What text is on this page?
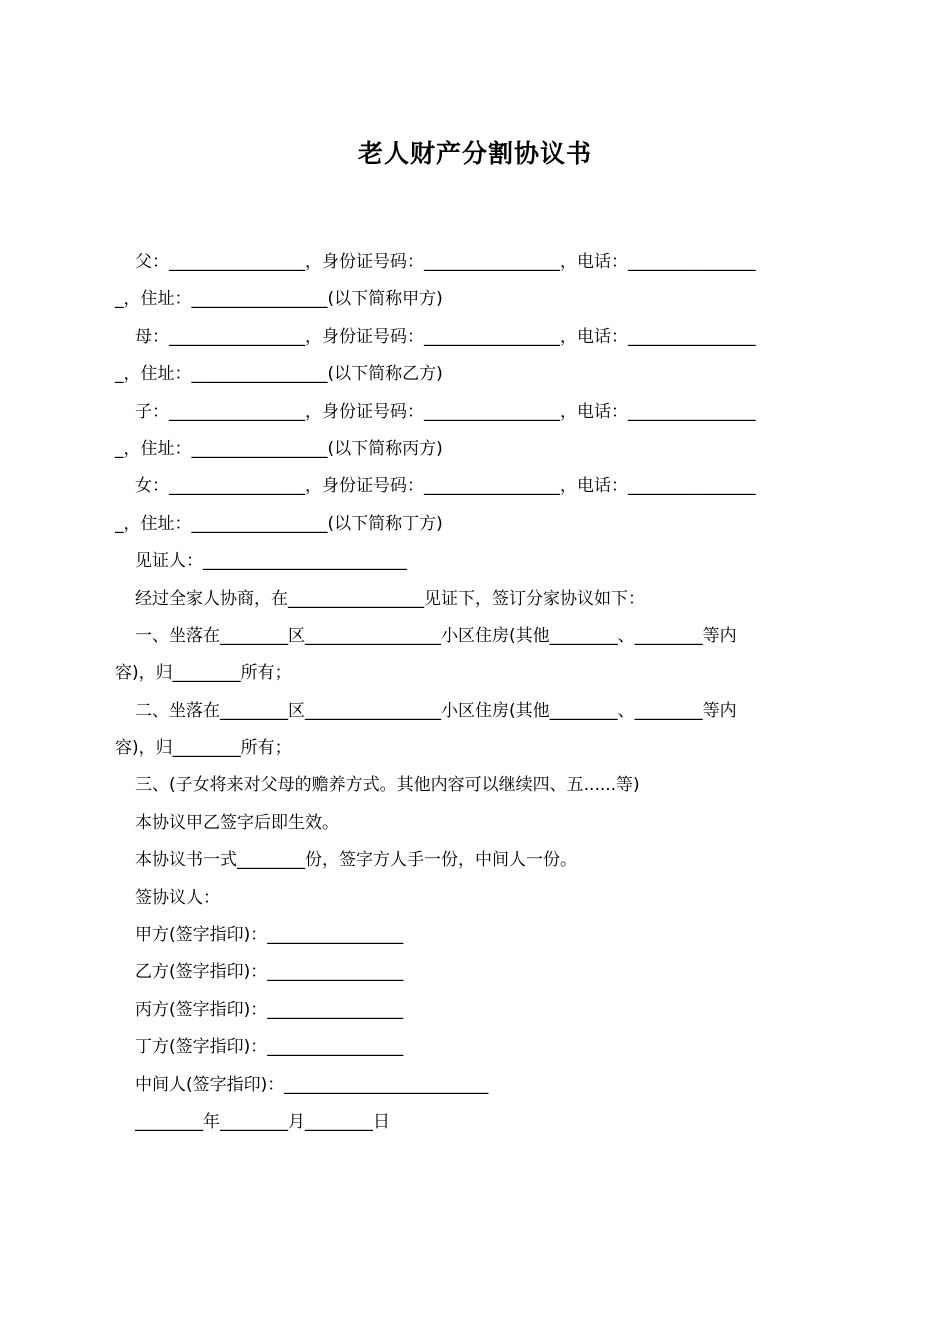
老人财产分割协议书
父：________________，身份证号码：________________，电话：_______________
_，住址：________________(以下简称甲方)
母：________________，身份证号码：________________，电话：_______________
_，住址：________________(以下简称乙方)
子：________________，身份证号码：________________，电话：_______________
_，住址：________________(以下简称丙方)
女：________________，身份证号码：________________，电话：_______________
_，住址：________________(以下简称丁方)
见证人：________________________
经过全家人协商，在________________见证下，签订分家协议如下：
一、坐落在________区________________小区住房(其他________、________等内
容)，归________所有；
二、坐落在________区________________小区住房(其他________、________等内
容)，归________所有；
三、(子女将来对父母的赡养方式。其他内容可以继续四、五......等)
本协议甲乙签字后即生效。
本协议书一式________份，签字方人手一份，中间人一份。
签协议人：
甲方(签字指印)：________________
乙方(签字指印)：________________
丙方(签字指印)：________________
丁方(签字指印)：________________
中间人(签字指印)：________________________
________年________月________日
